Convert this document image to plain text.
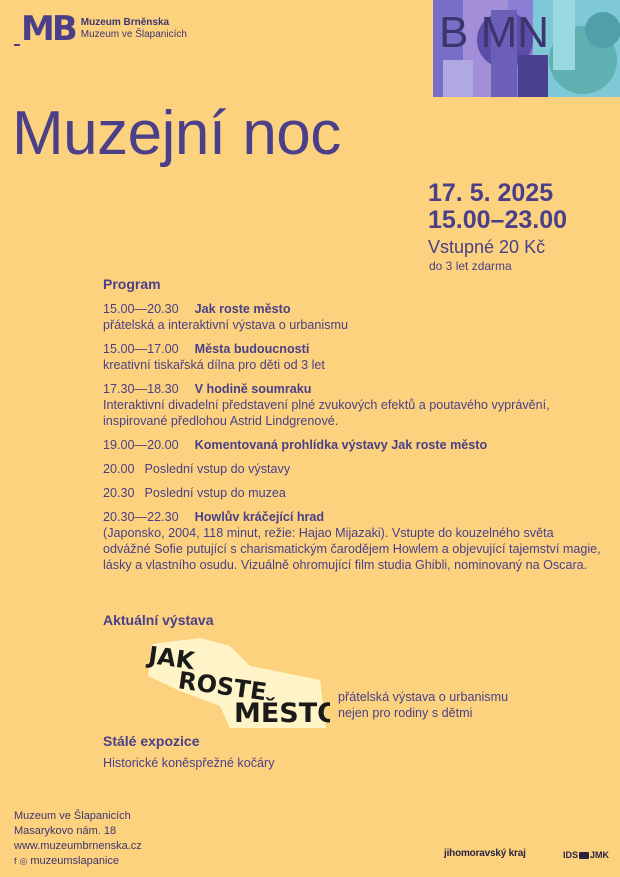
MB Muzeum Brněnska
Muzeum ve Šlapanicích	B MN
Muzejní noc
17. 5. 2025
15.00–23.00
Vstupné 20 Kč
do 3 let zdarma
Program
15.00—20.30 Jak roste město
přátelská a interaktivní výstava o urbanismu
15.00—17.00 Města budoucnosti
kreativní tiskařská dílna pro děti od 3 let
17.30—18.30 V hodině soumraku
Interaktivní divadelní představení plné zvukových efektů a poutavého vyprávění, inspirované předlohou Astrid Lindgrenové.
19.00—20.00 Komentovaná prohlídka výstavy Jak roste město
20.00 Poslední vstup do výstavy
20.30 Poslední vstup do muzea
20.30—22.30 Howlův kráčející hrad
(Japonsko, 2004, 118 minut, režie: Hajao Mijazaki). Vstupte do kouzelného světa odvážné Sofie putující s charismatickým čarodějem Howlem a objevující tajemství magie, lásky a vlastního osudu. Vizuálně ohromující film studia Ghibli, nominovaný na Oscara.
Aktuální výstava
JAK
ROSTE
MĚSTO
přátelská výstava o urbanismu
nejen pro rodiny s dětmi
Stálé expozice
Historické koněspřežné kočáry
Muzeum ve Šlapanicích
Masarykovo nám. 18
www.muzeumbrnenska.cz
f ◎ muzeumslapanice
jihomoravský kraj	IDS JMK
